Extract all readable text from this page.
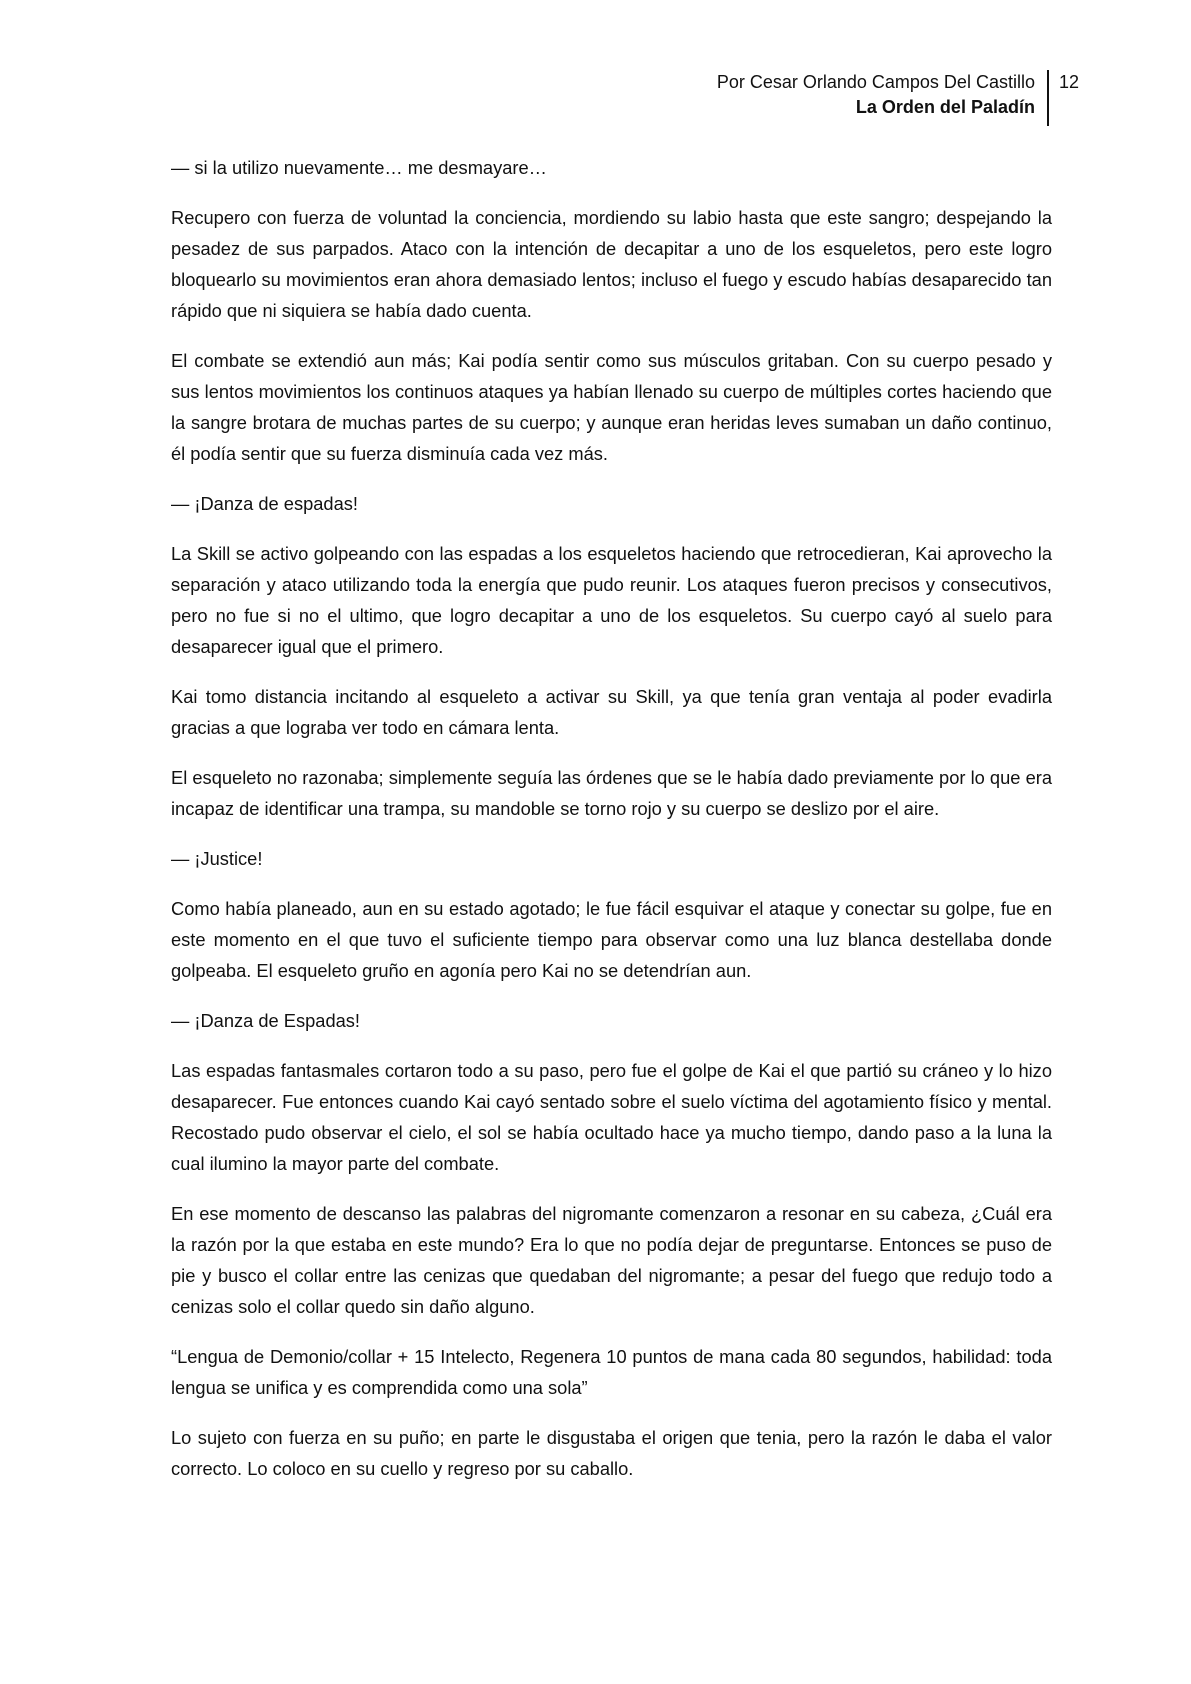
Por Cesar Orlando Campos Del Castillo
La Orden del Paladín
12

— si la utilizo nuevamente… me desmayare…

Recupero con fuerza de voluntad la conciencia, mordiendo su labio hasta que este sangro; despejando la pesadez de sus parpados. Ataco con la intención de decapitar a uno de los esqueletos, pero este logro bloquearlo su movimientos eran ahora demasiado lentos; incluso el fuego y escudo habías desaparecido tan rápido que ni siquiera se había dado cuenta.

El combate se extendió aun más; Kai podía sentir como sus músculos gritaban. Con su cuerpo pesado y sus lentos movimientos los continuos ataques ya habían llenado su cuerpo de múltiples cortes haciendo que la sangre brotara de muchas partes de su cuerpo; y aunque eran heridas leves sumaban un daño continuo, él podía sentir que su fuerza disminuía cada vez más.

— ¡Danza de espadas!

La Skill se activo golpeando con las espadas a los esqueletos haciendo que retrocedieran, Kai aprovecho la separación y ataco utilizando toda la energía que pudo reunir. Los ataques fueron precisos y consecutivos, pero no fue si no el ultimo, que logro decapitar a uno de los esqueletos. Su cuerpo cayó al suelo para desaparecer igual que el primero.

Kai tomo distancia incitando al esqueleto a activar su Skill, ya que tenía gran ventaja al poder evadirla gracias a que lograba ver todo en cámara lenta.

El esqueleto no razonaba; simplemente seguía las órdenes que se le había dado previamente por lo que era incapaz de identificar una trampa, su mandoble se torno rojo y su cuerpo se deslizo por el aire.

— ¡Justice!

Como había planeado, aun en su estado agotado; le fue fácil esquivar el ataque y conectar su golpe, fue en este momento en el que tuvo el suficiente tiempo para observar como una luz blanca destellaba donde golpeaba. El esqueleto gruño en agonía pero Kai no se detendrían aun.

— ¡Danza de Espadas!

Las espadas fantasmales cortaron todo a su paso, pero fue el golpe de Kai el que partió su cráneo y lo hizo desaparecer. Fue entonces cuando Kai cayó sentado sobre el suelo víctima del agotamiento físico y mental. Recostado pudo observar el cielo, el sol se había ocultado hace ya mucho tiempo, dando paso a la luna la cual ilumino la mayor parte del combate.

En ese momento de descanso las palabras del nigromante comenzaron a resonar en su cabeza, ¿Cuál era la razón por la que estaba en este mundo? Era lo que no podía dejar de preguntarse. Entonces se puso de pie y busco el collar entre las cenizas que quedaban del nigromante; a pesar del fuego que redujo todo a cenizas solo el collar quedo sin daño alguno.

“Lengua de Demonio/collar + 15 Intelecto, Regenera 10 puntos de mana cada 80 segundos, habilidad: toda lengua se unifica y es comprendida como una sola”

Lo sujeto con fuerza en su puño; en parte le disgustaba el origen que tenia, pero la razón le daba el valor correcto. Lo coloco en su cuello y regreso por su caballo.
